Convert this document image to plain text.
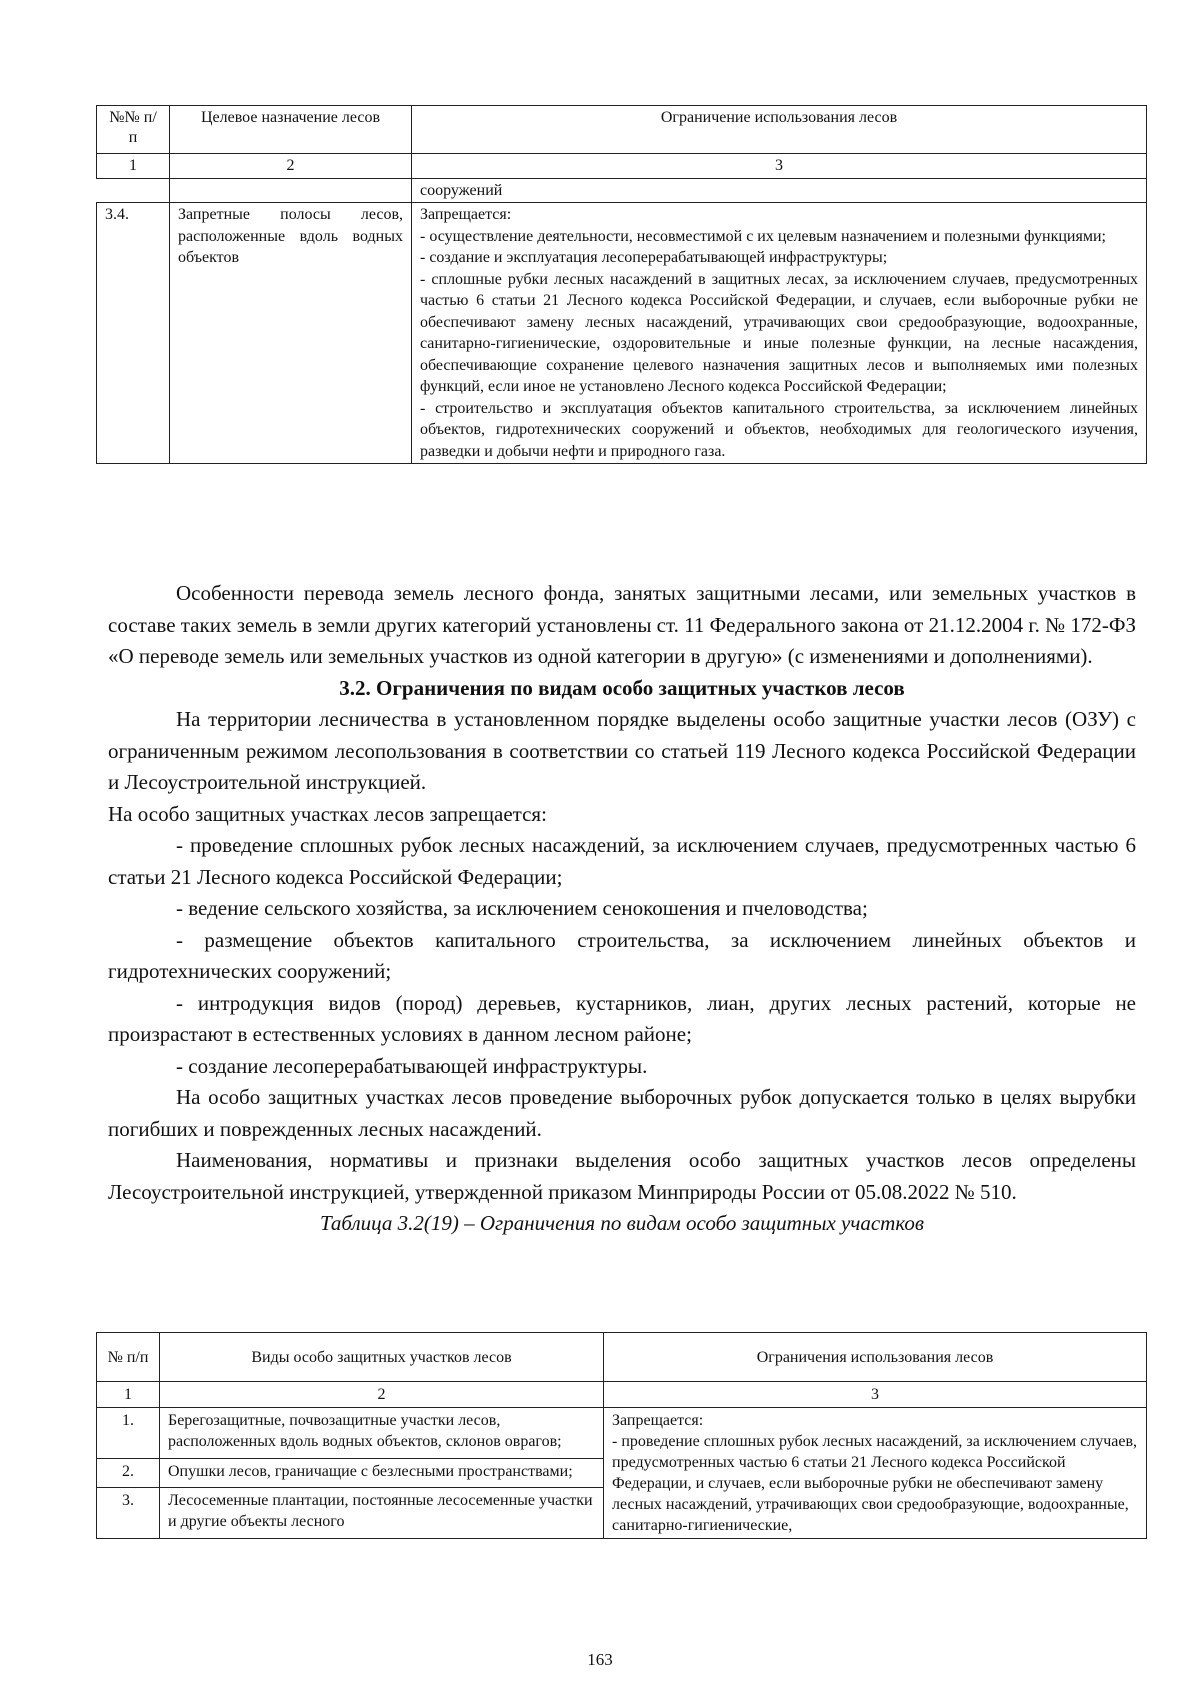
№№ п/п	Целевое назначение лесов	Ограничение использования лесов
1	2	3
		сооружений
3.4.	Запретные полосы лесов, расположенные вдоль водных объектов	Запрещается:
- осуществление деятельности, несовместимой с их целевым назначением и полезными функциями;
- создание и эксплуатация лесоперерабатывающей инфраструктуры;
- сплошные рубки лесных насаждений в защитных лесах, за исключением случаев, предусмотренных частью 6 статьи 21 Лесного кодекса Российской Федерации, и случаев, если выборочные рубки не обеспечивают замену лесных насаждений, утрачивающих свои средообразующие, водоохранные, санитарно-гигиенические, оздоровительные и иные полезные функции, на лесные насаждения, обеспечивающие сохранение целевого назначения защитных лесов и выполняемых ими полезных функций, если иное не установлено Лесного кодекса Российской Федерации;
- строительство и эксплуатация объектов капитального строительства, за исключением линейных объектов, гидротехнических сооружений и объектов, необходимых для геологического изучения, разведки и добычи нефти и природного газа.

Особенности перевода земель лесного фонда, занятых защитными лесами, или земельных участков в составе таких земель в земли других категорий установлены ст. 11 Федерального закона от 21.12.2004 г. № 172-ФЗ «О переводе земель или земельных участков из одной категории в другую» (с изменениями и дополнениями).

3.2. Ограничения по видам особо защитных участков лесов

На территории лесничества в установленном порядке выделены особо защитные участки лесов (ОЗУ) с ограниченным режимом лесопользования в соответствии со статьей 119 Лесного кодекса Российской Федерации и Лесоустроительной инструкцией.

На особо защитных участках лесов запрещается:

- проведение сплошных рубок лесных насаждений, за исключением случаев, предусмотренных частью 6 статьи 21 Лесного кодекса Российской Федерации;

- ведение сельского хозяйства, за исключением сенокошения и пчеловодства;

- размещение объектов капитального строительства, за исключением линейных объектов и гидротехнических сооружений;

- интродукция видов (пород) деревьев, кустарников, лиан, других лесных растений, которые не произрастают в естественных условиях в данном лесном районе;

- создание лесоперерабатывающей инфраструктуры.

На особо защитных участках лесов проведение выборочных рубок допускается только в целях вырубки погибших и поврежденных лесных насаждений.

Наименования, нормативы и признаки выделения особо защитных участков лесов определены Лесоустроительной инструкцией, утвержденной приказом Минприроды России от 05.08.2022 № 510.

Таблица 3.2(19) – Ограничения по видам особо защитных участков

№ п/п	Виды особо защитных участков лесов	Ограничения использования лесов
1	2	3
1.	Берегозащитные, почвозащитные участки лесов, расположенных вдоль водных объектов, склонов оврагов;	Запрещается:
- проведение сплошных рубок лесных насаждений, за исключением случаев, предусмотренных частью 6 статьи 21 Лесного кодекса Российской Федерации, и случаев, если выборочные рубки не обеспечивают замену лесных насаждений, утрачивающих свои средообразующие, водоохранные, санитарно-гигиенические,

2.	Опушки лесов, граничащие с безлесными пространствами;	
3.	Лесосеменные плантации, постоянные лесосеменные участки и другие объекты лесного	
163
